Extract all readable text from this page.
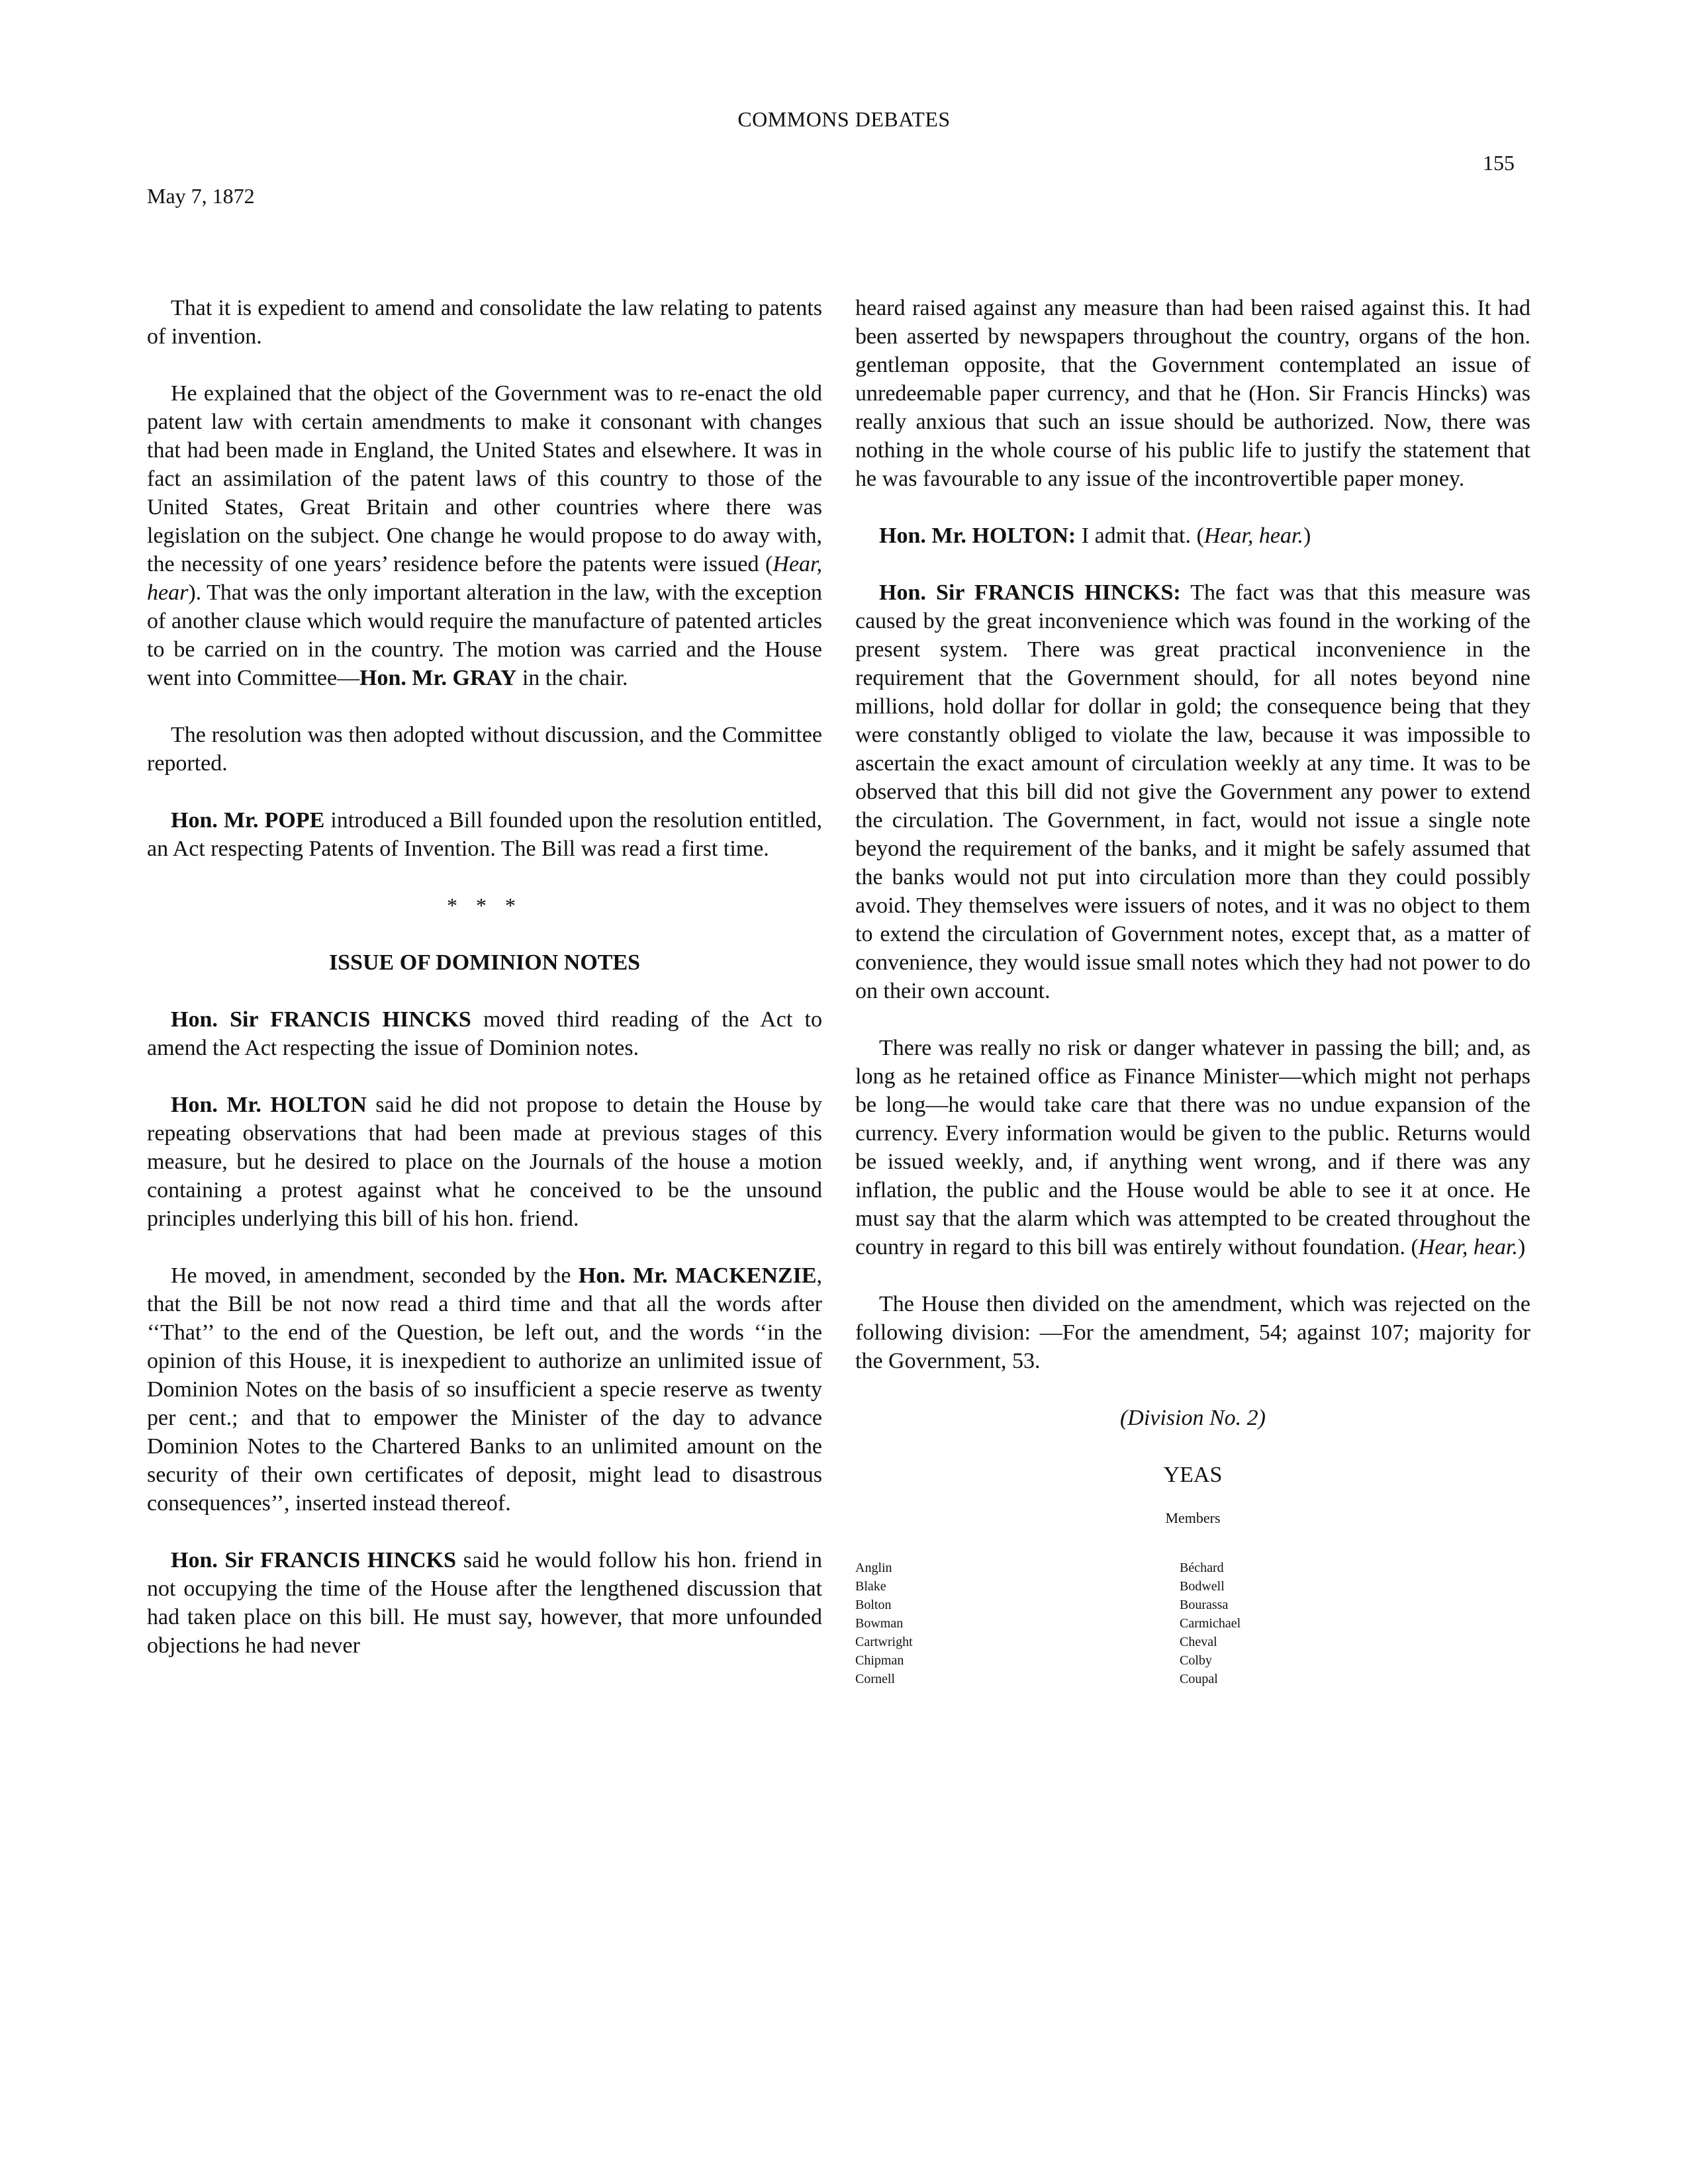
COMMONS DEBATES
155
May 7, 1872

That it is expedient to amend and consolidate the law relating to patents of invention.

He explained that the object of the Government was to re-enact the old patent law with certain amendments to make it consonant with changes that had been made in England, the United States and elsewhere. It was in fact an assimilation of the patent laws of this country to those of the United States, Great Britain and other countries where there was legislation on the subject. One change he would propose to do away with, the necessity of one years’ residence before the patents were issued (Hear, hear). That was the only important alteration in the law, with the exception of another clause which would require the manufacture of patented articles to be carried on in the country. The motion was carried and the House went into Committee—Hon. Mr. GRAY in the chair.

The resolution was then adopted without discussion, and the Committee reported.

Hon. Mr. POPE introduced a Bill founded upon the resolution entitled, an Act respecting Patents of Invention. The Bill was read a first time.

* * *
ISSUE OF DOMINION NOTES

Hon. Sir FRANCIS HINCKS moved third reading of the Act to amend the Act respecting the issue of Dominion notes.

Hon. Mr. HOLTON said he did not propose to detain the House by repeating observations that had been made at previous stages of this measure, but he desired to place on the Journals of the house a motion containing a protest against what he conceived to be the unsound principles underlying this bill of his hon. friend.

He moved, in amendment, seconded by the Hon. Mr. MACKENZIE, that the Bill be not now read a third time and that all the words after ‘‘That’’ to the end of the Question, be left out, and the words ‘‘in the opinion of this House, it is inexpedient to authorize an unlimited issue of Dominion Notes on the basis of so insufficient a specie reserve as twenty per cent.; and that to empower the Minister of the day to advance Dominion Notes to the Chartered Banks to an unlimited amount on the security of their own certificates of deposit, might lead to disastrous consequences’’, inserted instead thereof.

Hon. Sir FRANCIS HINCKS said he would follow his hon. friend in not occupying the time of the House after the lengthened discussion that had taken place on this bill. He must say, however, that more unfounded objections he had never

heard raised against any measure than had been raised against this. It had been asserted by newspapers throughout the country, organs of the hon. gentleman opposite, that the Government contemplated an issue of unredeemable paper currency, and that he (Hon. Sir Francis Hincks) was really anxious that such an issue should be authorized. Now, there was nothing in the whole course of his public life to justify the statement that he was favourable to any issue of the incontrovertible paper money.

Hon. Mr. HOLTON: I admit that. (Hear, hear.)

Hon. Sir FRANCIS HINCKS: The fact was that this measure was caused by the great inconvenience which was found in the working of the present system. There was great practical inconvenience in the requirement that the Government should, for all notes beyond nine millions, hold dollar for dollar in gold; the consequence being that they were constantly obliged to violate the law, because it was impossible to ascertain the exact amount of circulation weekly at any time. It was to be observed that this bill did not give the Government any power to extend the circulation. The Government, in fact, would not issue a single note beyond the requirement of the banks, and it might be safely assumed that the banks would not put into circulation more than they could possibly avoid. They themselves were issuers of notes, and it was no object to them to extend the circulation of Government notes, except that, as a matter of convenience, they would issue small notes which they had not power to do on their own account.

There was really no risk or danger whatever in passing the bill; and, as long as he retained office as Finance Minister—which might not perhaps be long—he would take care that there was no undue expansion of the currency. Every information would be given to the public. Returns would be issued weekly, and, if anything went wrong, and if there was any inflation, the public and the House would be able to see it at once. He must say that the alarm which was attempted to be created throughout the country in regard to this bill was entirely without foundation. (Hear, hear.)

The House then divided on the amendment, which was rejected on the following division: —For the amendment, 54; against 107; majority for the Government, 53.

(Division No. 2)
YEAS
Members
Anglin
Blake
Bolton
Bowman
Cartwright
Chipman
Cornell
Béchard
Bodwell
Bourassa
Carmichael
Cheval
Colby
Coupal
